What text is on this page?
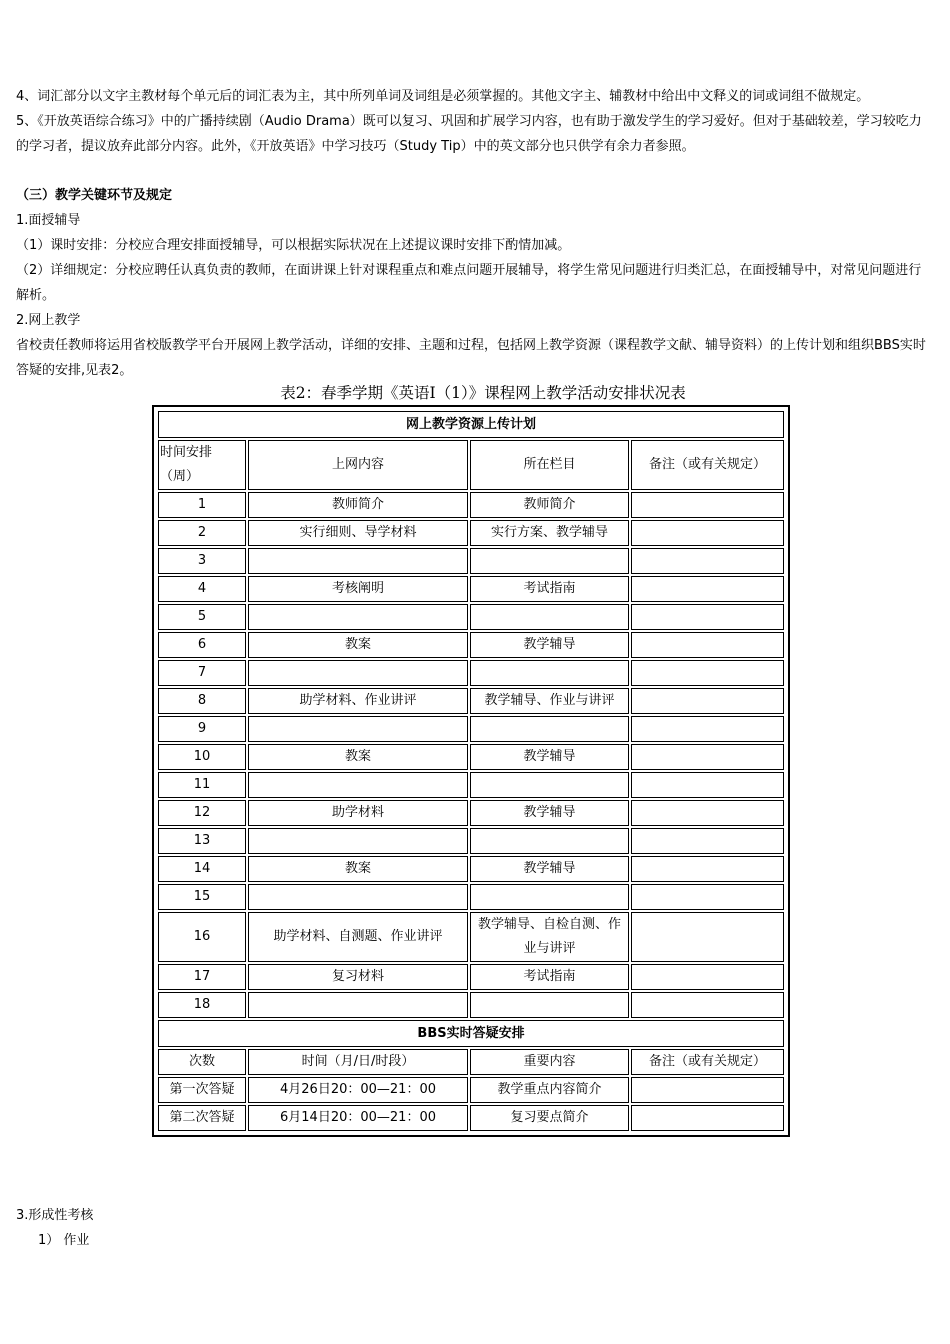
4、词汇部分以文字主教材每个单元后的词汇表为主，其中所列单词及词组是必须掌握的。其他文字主、辅教材中给出中文释义的词或词组不做规定。

5、《开放英语综合练习》中的广播持续剧（Audio Drama）既可以复习、巩固和扩展学习内容，也有助于激发学生的学习爱好。但对于基础较差，学习较吃力的学习者，提议放弃此部分内容。此外，《开放英语》中学习技巧（Study Tip）中的英文部分也只供学有余力者参照。

（三）教学关键环节及规定

1.面授辅导

（1）课时安排：分校应合理安排面授辅导，可以根据实际状况在上述提议课时安排下酌情加减。

（2）详细规定：分校应聘任认真负责的教师，在面讲课上针对课程重点和难点问题开展辅导，将学生常见问题进行归类汇总，在面授辅导中，对常见问题进行解析。

2.网上教学

省校责任教师将运用省校版教学平台开展网上教学活动，详细的安排、主题和过程，包括网上教学资源（课程教学文献、辅导资料）的上传计划和组织BBS实时答疑的安排,见表2。

表2：春季学期《英语I（1）》课程网上教学活动安排状况表

网上教学资源上传计划			
时间安排（周）	上网内容	所在栏目	备注（或有关规定）
1	教师简介	教师简介	
2	实行细则、导学材料	实行方案、教学辅导	
3			
4	考核阐明	考试指南	
5			
6	教案	教学辅导	
7			
8	助学材料、作业讲评	教学辅导、作业与讲评	
9			
10	教案	教学辅导	
11			
12	助学材料	教学辅导	
13			
14	教案	教学辅导	
15			
16	助学材料、自测题、作业讲评	教学辅导、自检自测、作业与讲评	
17	复习材料	考试指南	
18			
BBS实时答疑安排			
次数	时间（月/日/时段）	重要内容	备注（或有关规定）
第一次答疑	4月26日20：00—21：00	教学重点内容简介	
第二次答疑	6月14日20：00—21：00	复习要点简介	

3.形成性考核

1） 作业
